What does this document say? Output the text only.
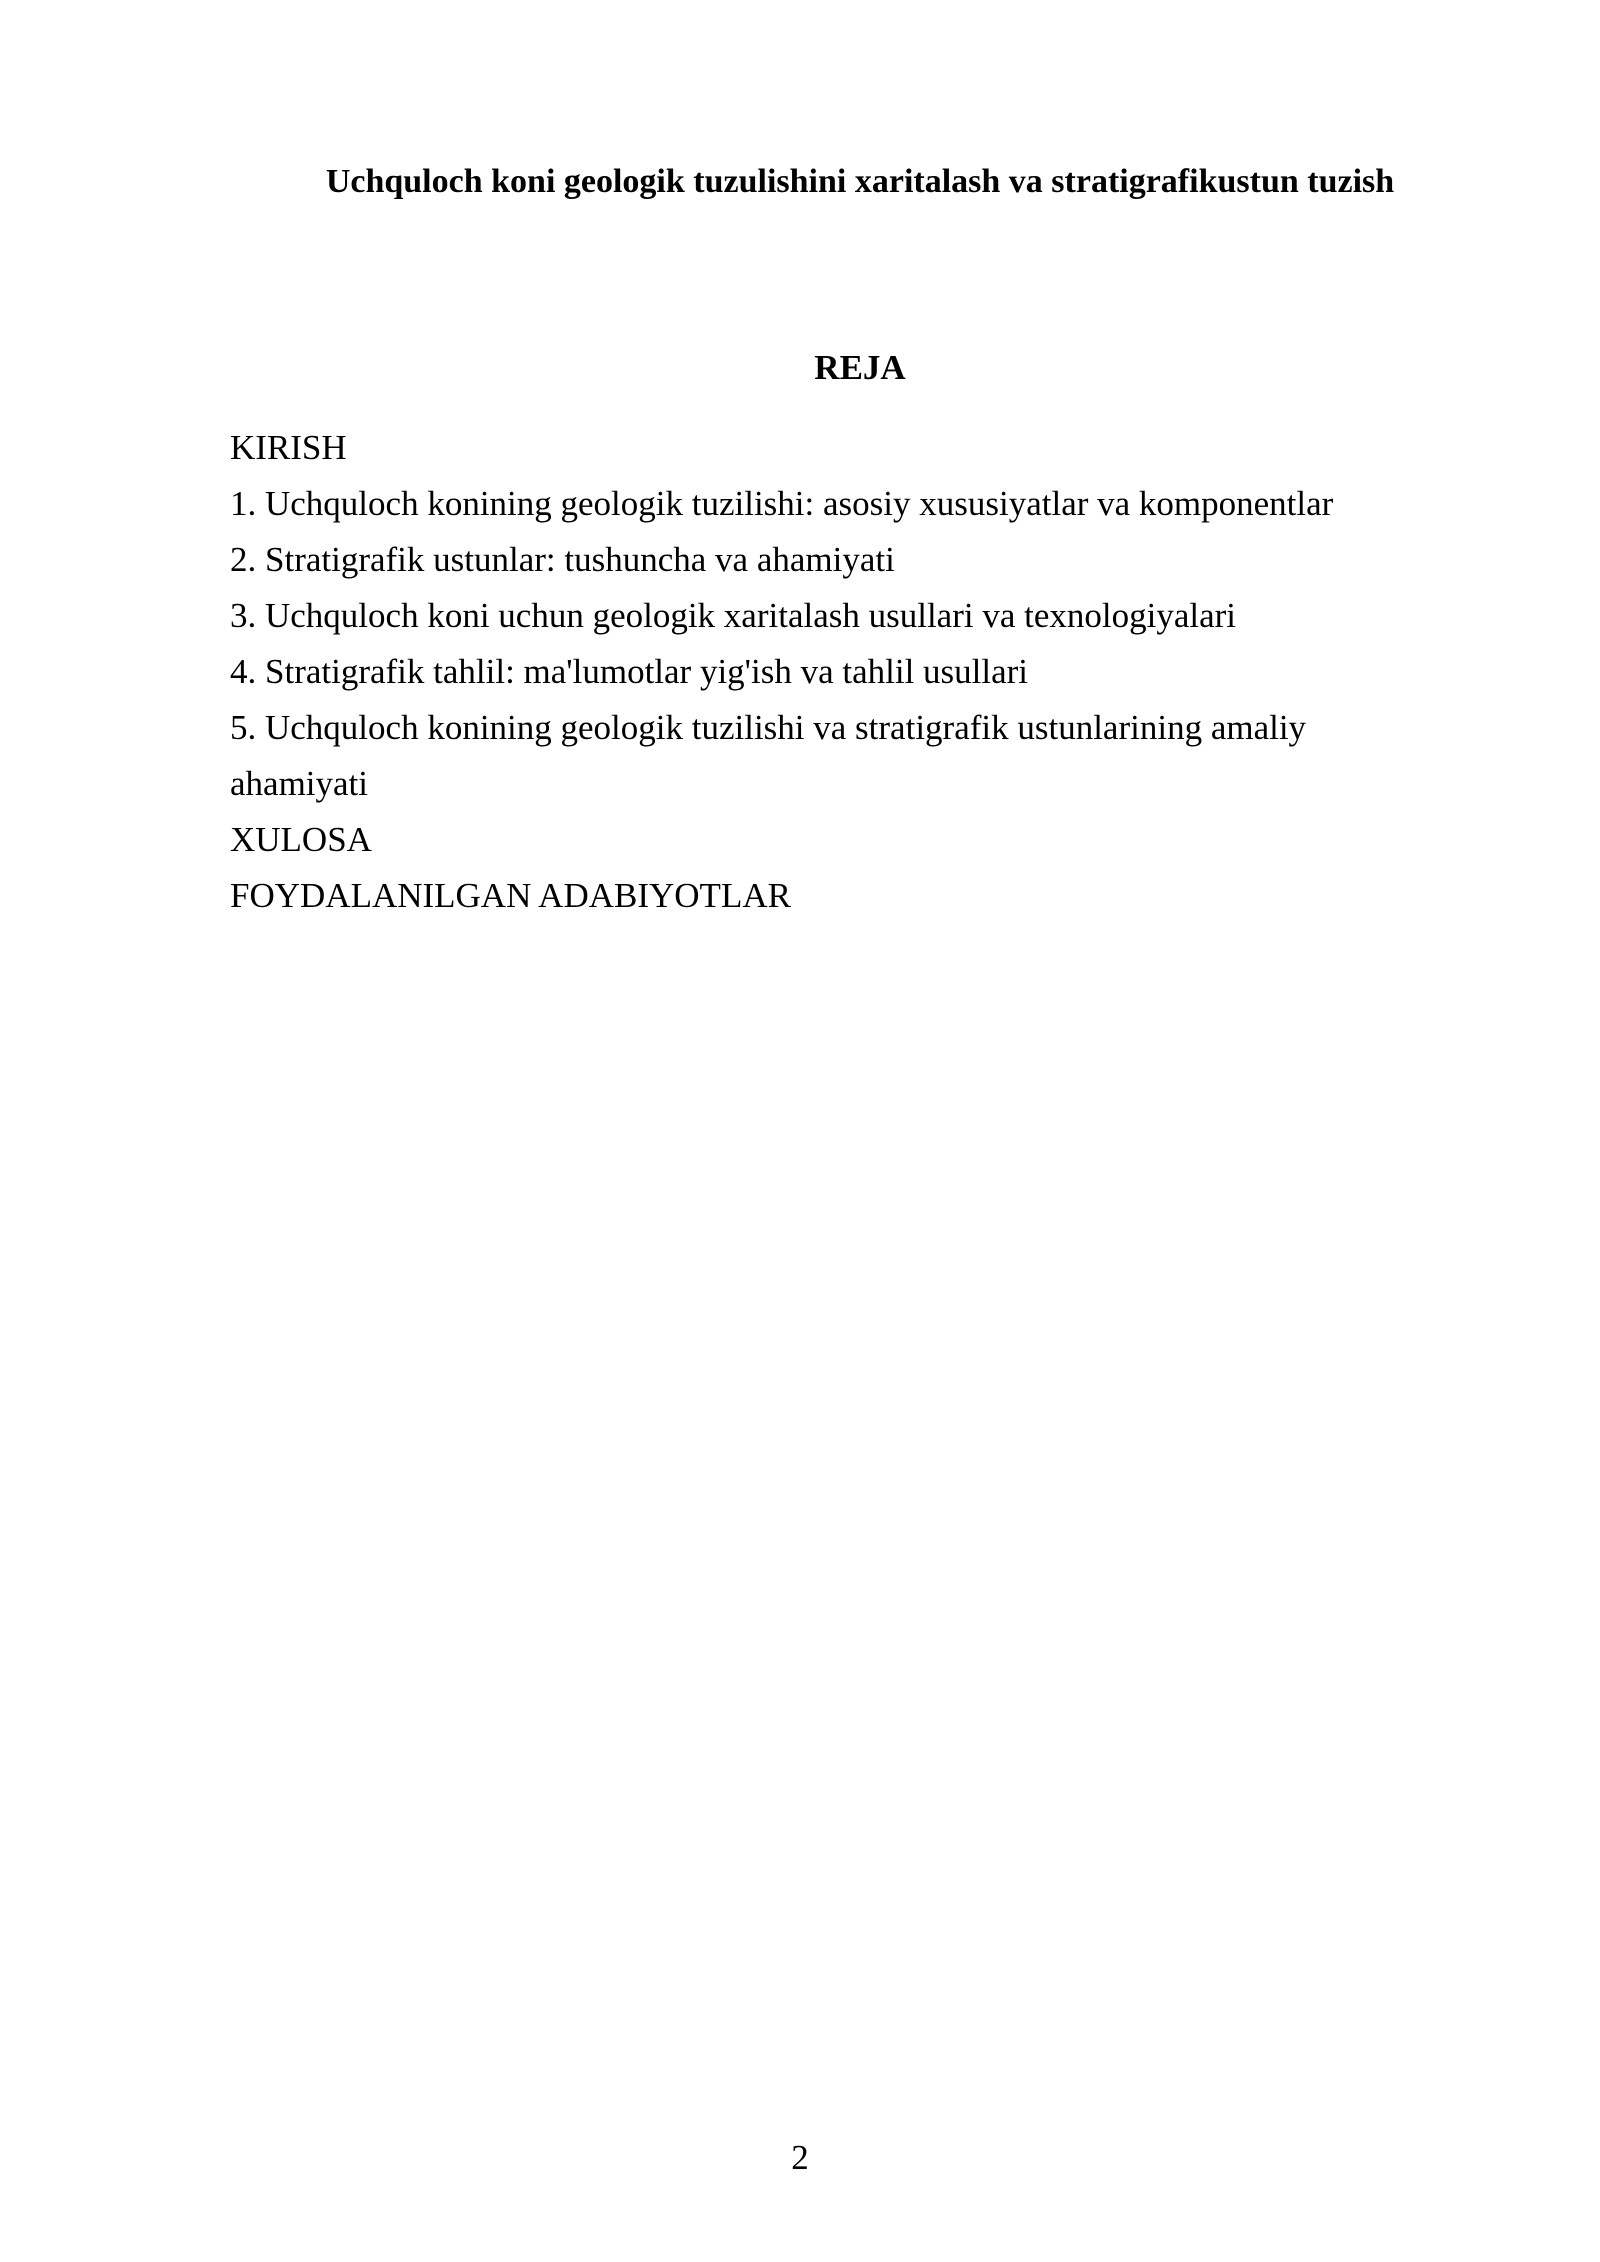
Uchquloch koni geologik tuzulishini xaritalash va stratigrafikustun tuzish
REJA
KIRISH
1. Uchquloch konining geologik tuzilishi: asosiy xususiyatlar va komponentlar
2. Stratigrafik ustunlar: tushuncha va ahamiyati
3. Uchquloch koni uchun geologik xaritalash usullari va texnologiyalari
4. Stratigrafik tahlil: ma'lumotlar yig'ish va tahlil usullari
5. Uchquloch konining geologik tuzilishi va stratigrafik ustunlarining amaliy
ahamiyati
XULOSA
FOYDALANILGAN ADABIYOTLAR
2
